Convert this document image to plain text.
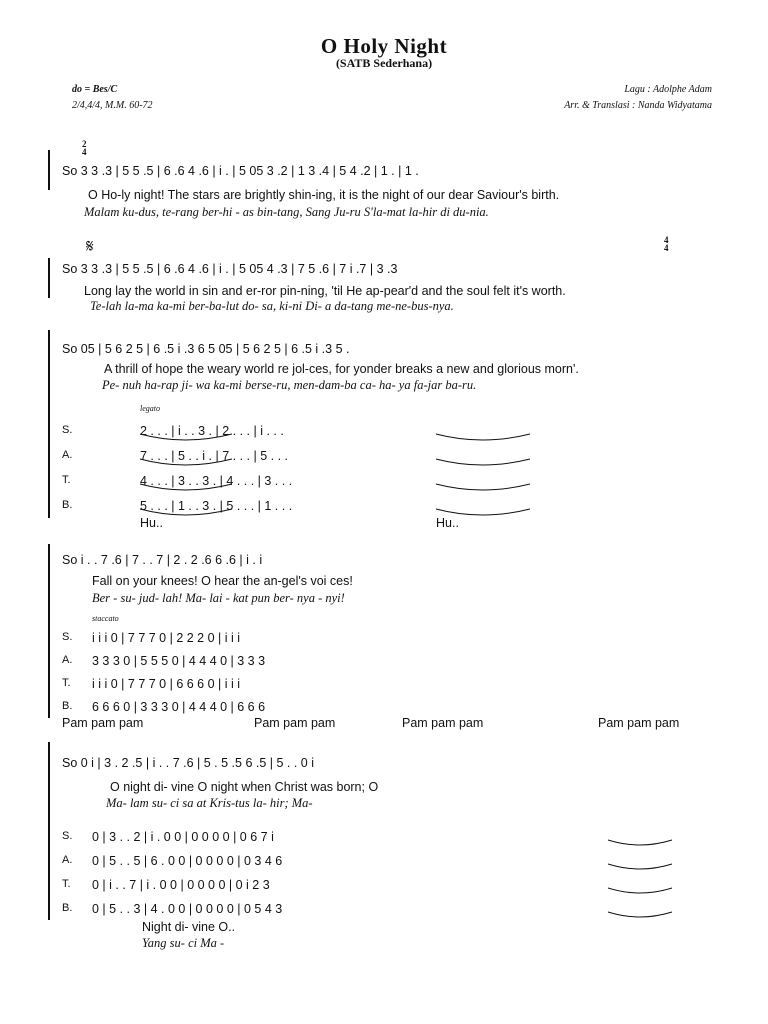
O Holy Night
(SATB Sederhana)
do = Bes/C
2/4,4/4, M.M. 60-72
Lagu : Adolphe Adam
Arr. & Translasi : Nanda Widyatama
2
4
So 3 3 .3 | 5 5 .5 | 6 .6 4 .6 | i . | 5 05 3 .2 | 1 3 .4 | 5 4 .2 | 1 . | 1 .
O Ho-ly night! The stars are brightly shin-ing, it is the night of our dear Saviour's birth.
Malam ku-dus, te-rang ber-hi - as bin-tang, Sang Ju-ru S'la-mat la-hir di du-nia.
𝄋	4
4
So 3 3 .3 | 5 5 .5 | 6 .6 4 .6 | i . | 5 05 4 .3 | 7 5 .6 | 7 i .7 | 3 .3
Long lay the world in sin and er-ror pin-ning, 'til He ap-pear'd and the soul felt it's worth.
Te-lah la-ma ka-mi ber-ba-lut do- sa, ki-ni Di- a da-tang me-ne-bus-nya.
So 05 | 5 6 2 5 | 6 .5 i .3 6 5 05 | 5 6 2 5 | 6 .5 i .3 5 .
A thrill of hope the weary world re jol-ces, for yonder breaks a new and glorious morn'.
Pe- nuh ha-rap ji- wa ka-mi berse-ru, men-dam-ba ca- ha- ya fa-jar ba-ru.
legato
S.	2 . . . | i . . 3 . | 2 . . . | i . . .
A.	7 . . . | 5 . . i . | 7 . . . | 5 . . .
T.	4 . . . | 3 . . 3 . | 4 . . . | 3 . . .
B.	5 . . . | 1 . . 3 . | 5 . . . | 1 . . .
Hu..	Hu..
So i . . 7 .6 | 7 . . 7 | 2 . 2 .6 6 .6 | i . i
Fall on your knees! O hear the an-gel's voi ces!
Ber - su- jud- lah! Ma- lai - kat pun ber- nya - nyi!
staccato
S. i i i 0 | 7 7 7 0 | 2 2 2 0 | i i i
A. 3 3 3 0 | 5 5 5 0 | 4 4 4 0 | 3 3 3
T. i i i 0 | 7 7 7 0 | 6 6 6 0 | i i i
B. 6 6 6 0 | 3 3 3 0 | 4 4 4 0 | 6 6 6
Pam pam pam	Pam pam pam	Pam pam pam	Pam pam pam
So 0 i | 3 . 2 .5 | i . . 7 .6 | 5 . 5 .5 6 .5 | 5 . . 0 i
O night di- vine O night when Christ was born; O
Ma- lam su- ci sa at Kris-tus la- hir; Ma-
S. 0 | 3 . . 2 | i . 0 0 | 0 0 0 0 | 0 6 7 i
A. 0 | 5 . . 5 | 6 . 0 0 | 0 0 0 0 | 0 3 4 6
T. 0 | i . . 7 | i . 0 0 | 0 0 0 0 | 0 i 2 3
B. 0 | 5 . . 3 | 4 . 0 0 | 0 0 0 0 | 0 5 4 3
Night di- vine O..
Yang su- ci Ma -
